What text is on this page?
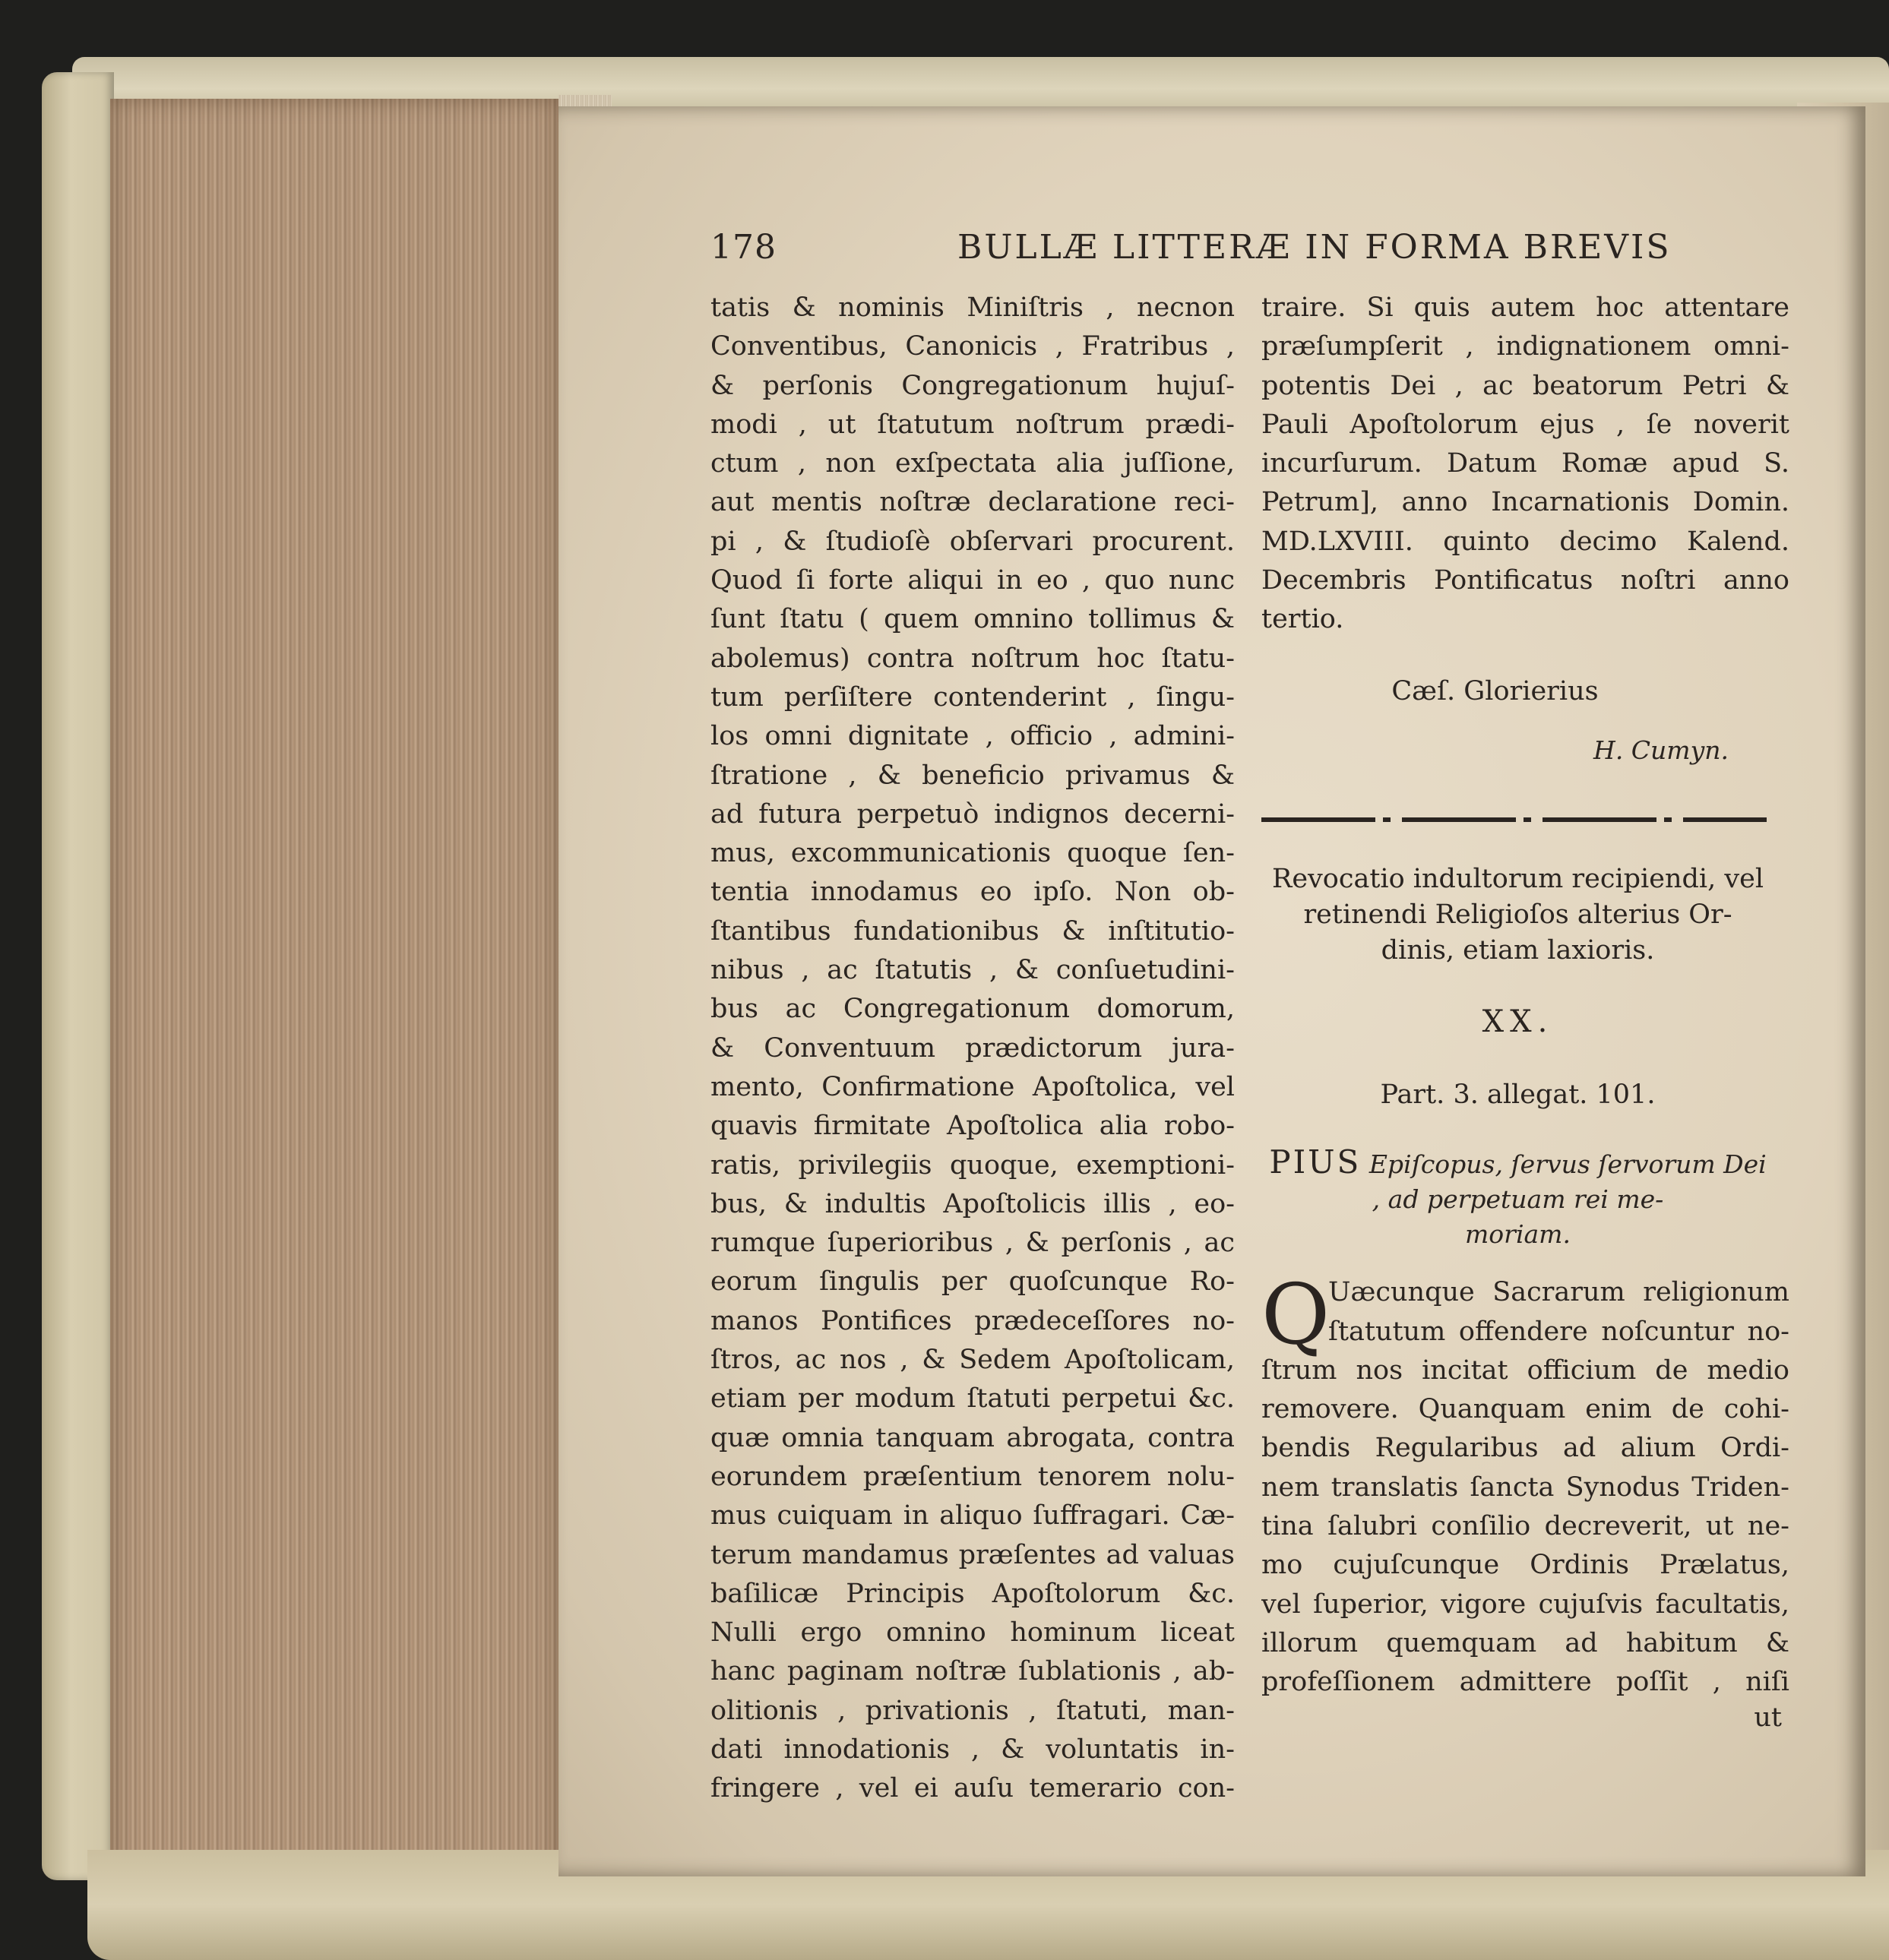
178	BULLÆ LITTERÆ IN FORMA BREVIS
tatis & nominis Miniſtris , necnon
Conventibus, Canonicis , Fratribus ,
& perſonis Congregationum hujuſ-
modi , ut ſtatutum noſtrum prædi-
ctum , non exſpectata alia juſſione,
aut mentis noſtræ declaratione reci-
pi , & ſtudioſè obſervari procurent.
Quod ſi forte aliqui in eo , quo nunc
ſunt ſtatu ( quem omnino tollimus &
abolemus) contra noſtrum hoc ſtatu-
tum perſiſtere contenderint , ſingu-
los omni dignitate , officio , admini-
ſtratione , & beneficio privamus &
ad futura perpetuò indignos decerni-
mus, excommunicationis quoque ſen-
tentia innodamus eo ipſo. Non ob-
ſtantibus fundationibus & inſtitutio-
nibus , ac ſtatutis , & conſuetudini-
bus ac Congregationum domorum,
& Conventuum prædictorum jura-
mento, Confirmatione Apoſtolica, vel
quavis firmitate Apoſtolica alia robo-
ratis, privilegiis quoque, exemptioni-
bus, & indultis Apoſtolicis illis , eo-
rumque ſuperioribus , & perſonis , ac
eorum ſingulis per quoſcunque Ro-
manos Pontifices prædeceſſores no-
ſtros, ac nos , & Sedem Apoſtolicam,
etiam per modum ſtatuti perpetui &c.
quæ omnia tanquam abrogata, contra
eorundem præſentium tenorem nolu-
mus cuiquam in aliquo ſuffragari. Cæ-
terum mandamus præſentes ad valuas
baſilicæ Principis Apoſtolorum &c.
Nulli ergo omnino hominum liceat
hanc paginam noſtræ ſublationis , ab-
olitionis , privationis , ſtatuti, man-
dati innodationis , & voluntatis in-
fringere , vel ei auſu temerario con-
traire. Si quis autem hoc attentare
præſumpſerit , indignationem omni-
potentis Dei , ac beatorum Petri &
Pauli Apoſtolorum ejus , ſe noverit
incurſurum. Datum Romæ apud S.
Petrum], anno Incarnationis Domin.
MD.LXVIII. quinto decimo Kalend.
Decembris Pontificatus noſtri anno
tertio.
Cæſ. Glorierius
H. Cumyn.
Revocatio indultorum recipiendi, vel
retinendi Religioſos alterius Or-
dinis, etiam laxioris.
XX.
Part. 3. allegat. 101.
PIUS Epiſcopus, ſervus ſervorum Dei
, ad perpetuam rei me-
moriam.
Q
Uæcunque Sacrarum religionum
ſtatutum offendere noſcuntur no-
ſtrum nos incitat officium de medio
removere. Quanquam enim de cohi-
bendis Regularibus ad alium Ordi-
nem translatis ſancta Synodus Triden-
tina ſalubri conſilio decreverit, ut ne-
mo cujuſcunque Ordinis Prælatus,
vel ſuperior, vigore cujuſvis facultatis,
illorum quemquam ad habitum &
profeſſionem admittere poſſit , niſi
ut
